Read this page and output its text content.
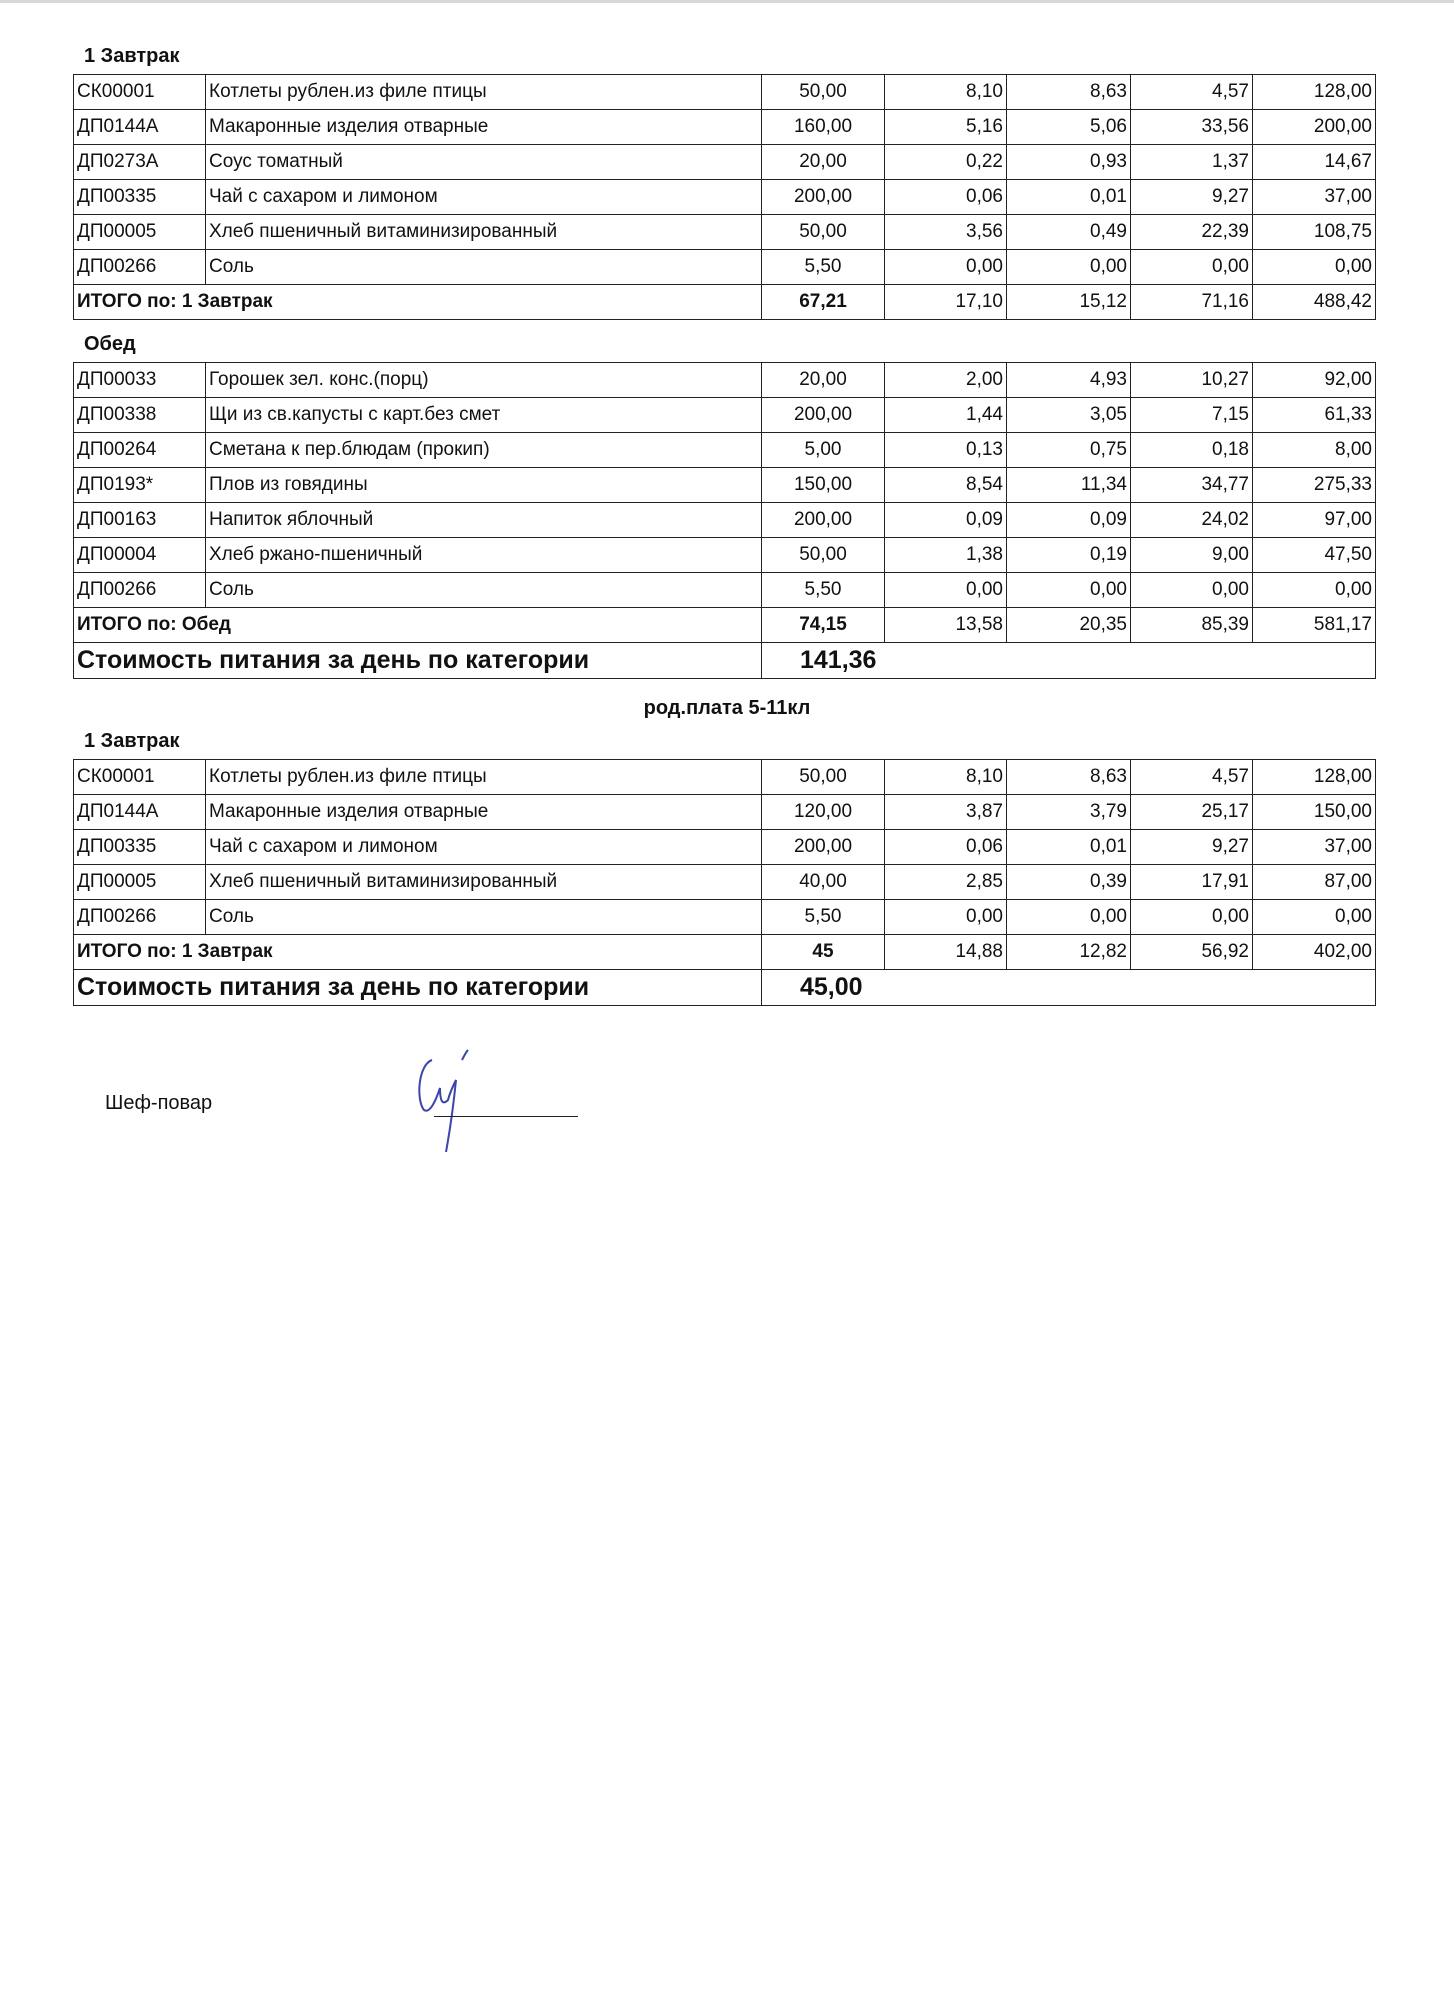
1 Завтрак
СК00001	Котлеты рублен.из филе птицы	50,00	8,10	8,63	4,57	128,00
ДП0144А	Макаронные изделия отварные	160,00	5,16	5,06	33,56	200,00
ДП0273А	Соус томатный	20,00	0,22	0,93	1,37	14,67
ДП00335	Чай с сахаром и лимоном	200,00	0,06	0,01	9,27	37,00
ДП00005	Хлеб пшеничный витаминизированный	50,00	3,56	0,49	22,39	108,75
ДП00266	Соль	5,50	0,00	0,00	0,00	0,00
ИТОГО по: 1 Завтрак		67,21	17,10	15,12	71,16	488,42
Обед
ДП00033	Горошек зел. конс.(порц)	20,00	2,00	4,93	10,27	92,00
ДП00338	Щи из св.капусты с карт.без смет	200,00	1,44	3,05	7,15	61,33
ДП00264	Сметана к пер.блюдам (прокип)	5,00	0,13	0,75	0,18	8,00
ДП0193*	Плов из говядины	150,00	8,54	11,34	34,77	275,33
ДП00163	Напиток яблочный	200,00	0,09	0,09	24,02	97,00
ДП00004	Хлеб ржано-пшеничный	50,00	1,38	0,19	9,00	47,50
ДП00266	Соль	5,50	0,00	0,00	0,00	0,00
ИТОГО по: Обед		74,15	13,58	20,35	85,39	581,17
Стоимость питания за день по категории		141,36				
род.плата 5-11кл
1 Завтрак
СК00001	Котлеты рублен.из филе птицы	50,00	8,10	8,63	4,57	128,00
ДП0144А	Макаронные изделия отварные	120,00	3,87	3,79	25,17	150,00
ДП00335	Чай с сахаром и лимоном	200,00	0,06	0,01	9,27	37,00
ДП00005	Хлеб пшеничный витаминизированный	40,00	2,85	0,39	17,91	87,00
ДП00266	Соль	5,50	0,00	0,00	0,00	0,00
ИТОГО по: 1 Завтрак		45	14,88	12,82	56,92	402,00
Стоимость питания за день по категории		45,00				
Шеф-повар
